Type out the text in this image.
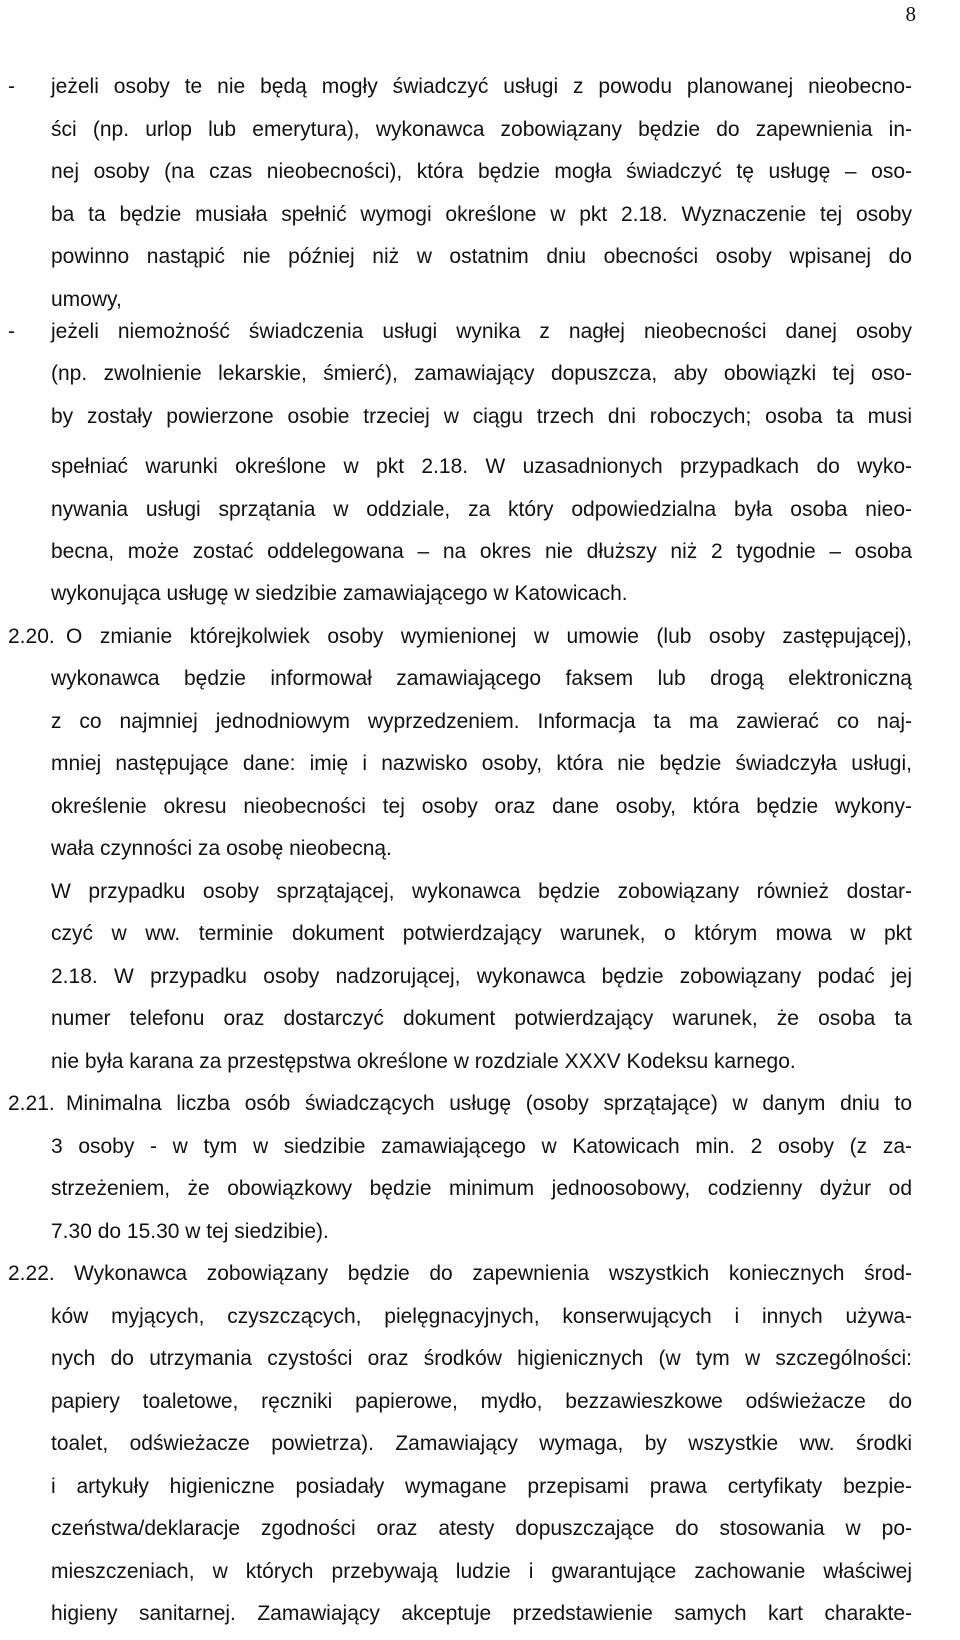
8
- jeżeli osoby te nie będą mogły świadczyć usługi z powodu planowanej nieobecno-
ści (np. urlop lub emerytura), wykonawca zobowiązany będzie do zapewnienia in-
nej osoby (na czas nieobecności), która będzie mogła świadczyć tę usługę – oso-
ba ta będzie musiała spełnić wymogi określone w pkt 2.18. Wyznaczenie tej osoby
powinno nastąpić nie później niż w ostatnim dniu obecności osoby wpisanej do
umowy,
- jeżeli niemożność świadczenia usługi wynika z nagłej nieobecności danej osoby
(np. zwolnienie lekarskie, śmierć), zamawiający dopuszcza, aby obowiązki tej oso-
by zostały powierzone osobie trzeciej w ciągu trzech dni roboczych; osoba ta musi
spełniać warunki określone w pkt 2.18. W uzasadnionych przypadkach do wyko-
nywania usługi sprzątania w oddziale, za który odpowiedzialna była osoba nieo-
becna, może zostać oddelegowana – na okres nie dłuższy niż 2 tygodnie – osoba
wykonująca usługę w siedzibie zamawiającego w Katowicach.
2.20. O zmianie którejkolwiek osoby wymienionej w umowie (lub osoby zastępującej),
wykonawca będzie informował zamawiającego faksem lub drogą elektroniczną
z co najmniej jednodniowym wyprzedzeniem. Informacja ta ma zawierać co naj-
mniej następujące dane: imię i nazwisko osoby, która nie będzie świadczyła usługi,
określenie okresu nieobecności tej osoby oraz dane osoby, która będzie wykony-
wała czynności za osobę nieobecną.
W przypadku osoby sprzątającej, wykonawca będzie zobowiązany również dostar-
czyć w ww. terminie dokument potwierdzający warunek, o którym mowa w pkt
2.18. W przypadku osoby nadzorującej, wykonawca będzie zobowiązany podać jej
numer telefonu oraz dostarczyć dokument potwierdzający warunek, że osoba ta
nie była karana za przestępstwa określone w rozdziale XXXV Kodeksu karnego.
2.21. Minimalna liczba osób świadczących usługę (osoby sprzątające) w danym dniu to
3 osoby - w tym w siedzibie zamawiającego w Katowicach min. 2 osoby (z za-
strzeżeniem, że obowiązkowy będzie minimum jednoosobowy, codzienny dyżur od
7.30 do 15.30 w tej siedzibie).
2.22. Wykonawca zobowiązany będzie do zapewnienia wszystkich koniecznych środ-
ków myjących, czyszczących, pielęgnacyjnych, konserwujących i innych używa-
nych do utrzymania czystości oraz środków higienicznych (w tym w szczególności:
papiery toaletowe, ręczniki papierowe, mydło, bezzawieszkowe odświeżacze do
toalet, odświeżacze powietrza). Zamawiający wymaga, by wszystkie ww. środki
i artykuły higieniczne posiadały wymagane przepisami prawa certyfikaty bezpie-
czeństwa/deklaracje zgodności oraz atesty dopuszczające do stosowania w po-
mieszczeniach, w których przebywają ludzie i gwarantujące zachowanie właściwej
higieny sanitarnej. Zamawiający akceptuje przedstawienie samych kart charakte-
